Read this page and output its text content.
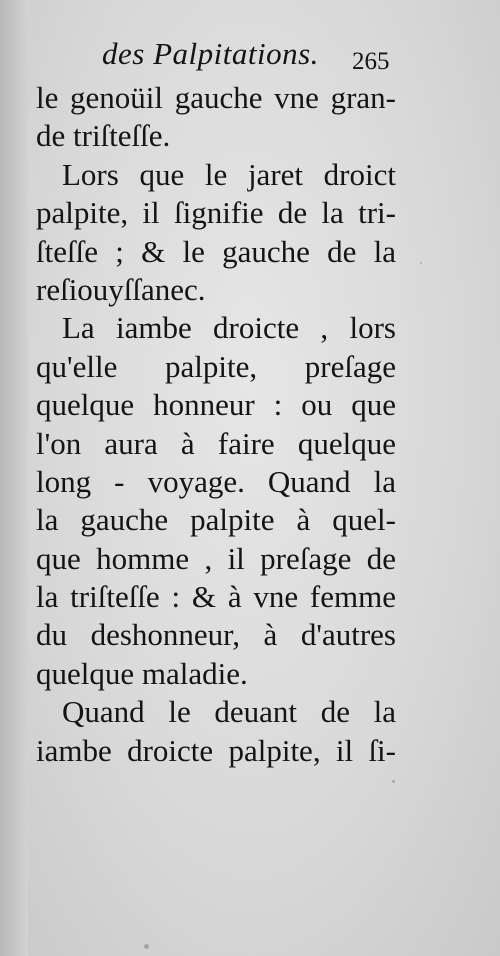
des Palpitations. 265
le genoüil gauche vne gran-
de triſteſſe.
Lors que le jaret droict
palpite, il ſignifie de la tri-
ſteſſe ; & le gauche de la
reſiouyſſanec.
La iambe droicte , lors
qu'elle palpite, preſage
quelque honneur : ou que
l'on aura à faire quelque
long - voyage. Quand la
la gauche palpite à quel-
que homme , il preſage de
la triſteſſe : & à vne femme
du deshonneur, à d'autres
quelque maladie.
Quand le deuant de la
iambe droicte palpite, il ſi-
